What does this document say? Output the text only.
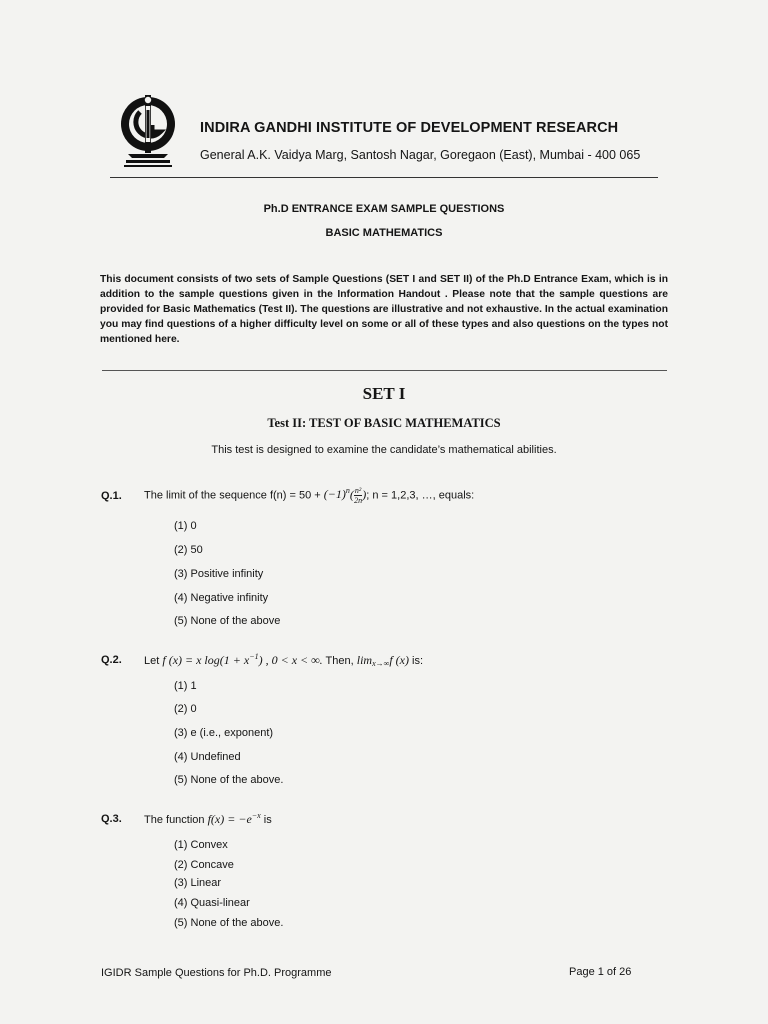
INDIRA GANDHI INSTITUTE OF DEVELOPMENT RESEARCH
General A.K. Vaidya Marg, Santosh Nagar, Goregaon (East), Mumbai - 400 065
Ph.D ENTRANCE EXAM SAMPLE QUESTIONS
BASIC MATHEMATICS
This document consists of two sets of Sample Questions (SET I and SET II) of the Ph.D Entrance Exam, which is in addition to the sample questions given in the Information Handout . Please note that the sample questions are provided for Basic Mathematics (Test II). The questions are illustrative and not exhaustive. In the actual examination you may find questions of a higher difficulty level on some or all of these types and also questions on the types not mentioned here.
SET I
Test II: TEST OF BASIC MATHEMATICS
This test is designed to examine the candidate’s mathematical abilities.
Q.1. The limit of the sequence $f(n) = 50 + (-1)^n( \frac{\text{n²}}{2n}$ ); n = 1,2,3, …, equals:
(1) 0
(2) 50
(3) Positive infinity
(4) Negative infinity
(5) None of the above
Q.2. Let f (x) = x $\log(1 + x^{-1})$ , 0 < x < ∞. Then, $\lim_{x\to\infty}f$ (x) is:
(1) 1
(2) 0
(3) e (i.e., exponent)
(4) Undefined
(5) None of the above.
Q.3. The function $f(x) = -e^{-x}$ is
(1) Convex
(2) Concave
(3) Linear
(4) Quasi-linear
(5) None of the above.
IGIDR Sample Questions for Ph.D. Programme	Page 1 of 26
